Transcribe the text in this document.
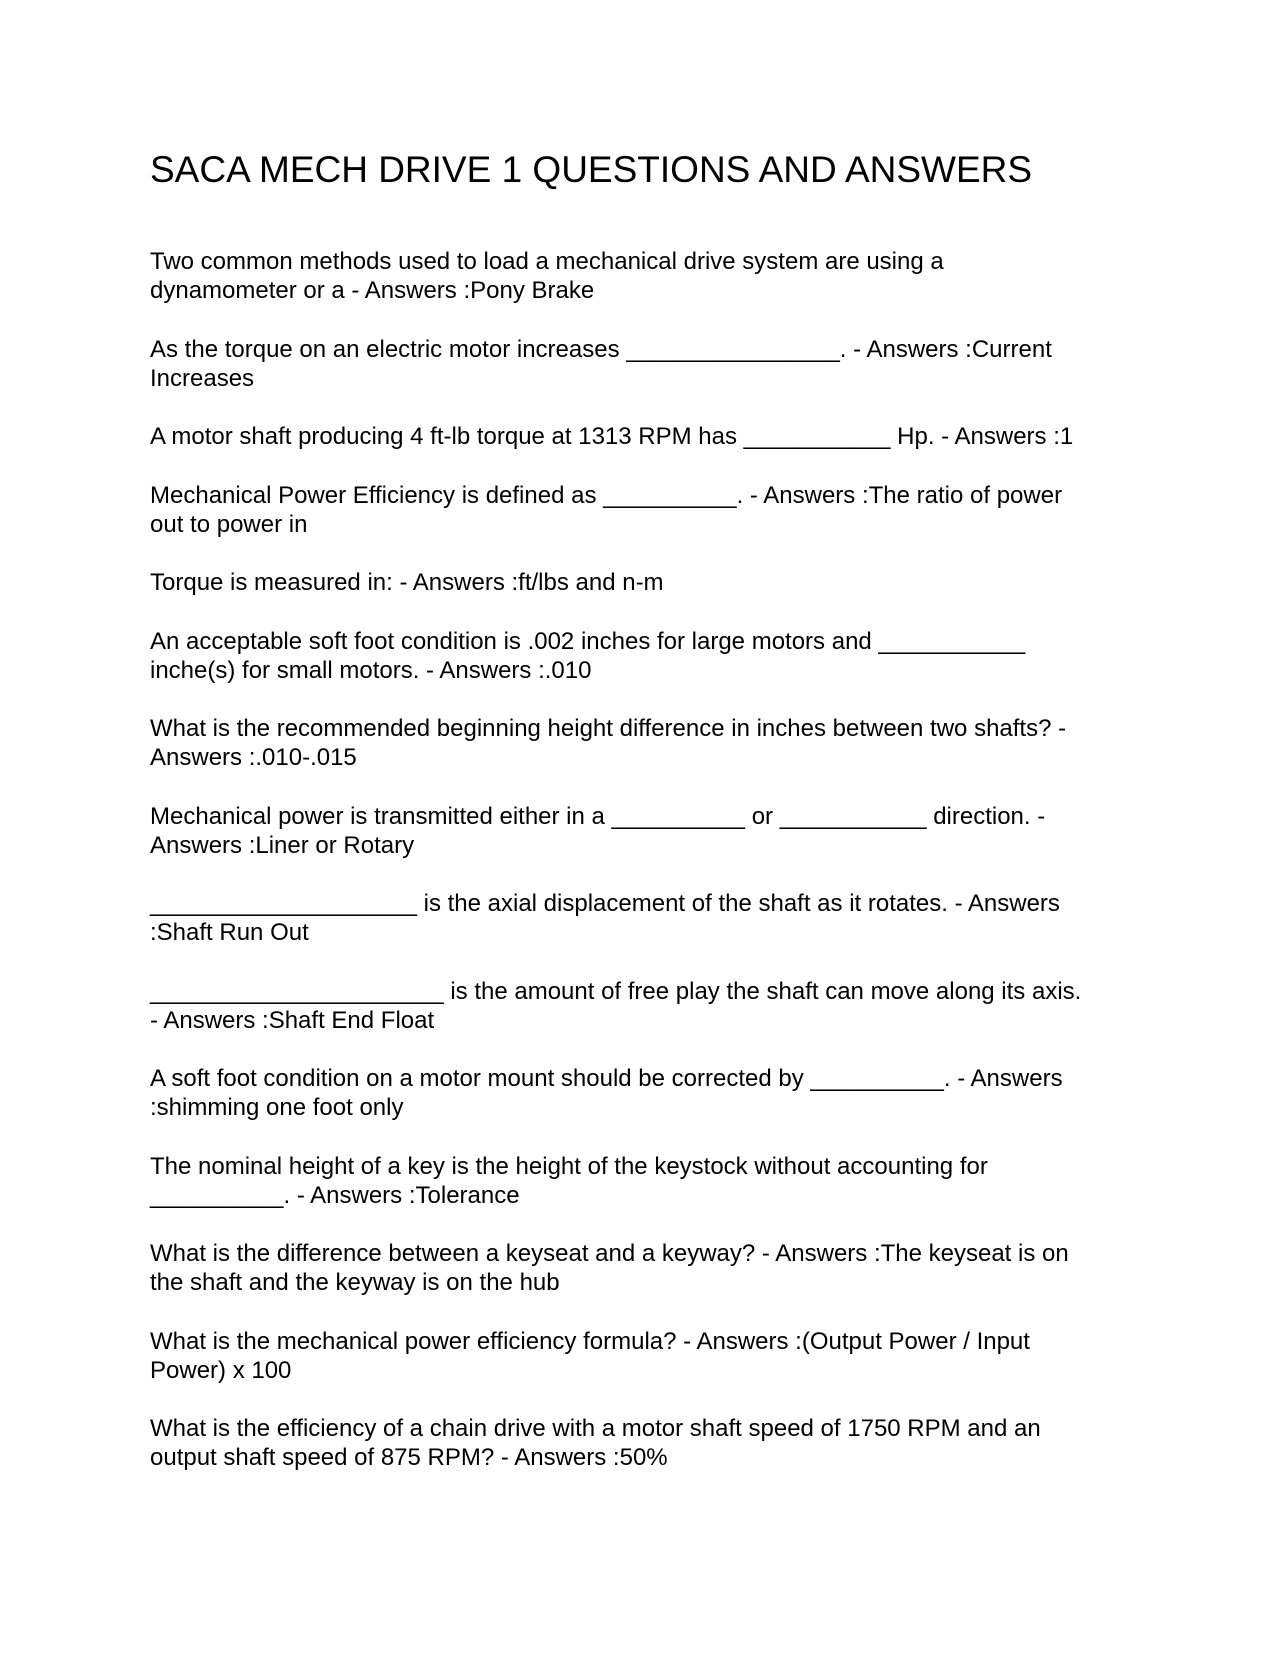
SACA MECH DRIVE 1 QUESTIONS AND ANSWERS

Two common methods used to load a mechanical drive system are using a
dynamometer or a - Answers :Pony Brake

As the torque on an electric motor increases ________________. - Answers :Current
Increases

A motor shaft producing 4 ft-lb torque at 1313 RPM has ___________ Hp. - Answers :1

Mechanical Power Efficiency is defined as __________. - Answers :The ratio of power
out to power in

Torque is measured in: - Answers :ft/lbs and n-m

An acceptable soft foot condition is .002 inches for large motors and ___________
inche(s) for small motors. - Answers :.010

What is the recommended beginning height difference in inches between two shafts? -
Answers :.010-.015

Mechanical power is transmitted either in a __________ or ___________ direction. -
Answers :Liner or Rotary

____________________ is the axial displacement of the shaft as it rotates. - Answers
:Shaft Run Out

______________________ is the amount of free play the shaft can move along its axis.
- Answers :Shaft End Float

A soft foot condition on a motor mount should be corrected by __________. - Answers
:shimming one foot only

The nominal height of a key is the height of the keystock without accounting for
__________. - Answers :Tolerance

What is the difference between a keyseat and a keyway? - Answers :The keyseat is on
the shaft and the keyway is on the hub

What is the mechanical power efficiency formula? - Answers :(Output Power / Input
Power) x 100

What is the efficiency of a chain drive with a motor shaft speed of 1750 RPM and an
output shaft speed of 875 RPM? - Answers :50%
